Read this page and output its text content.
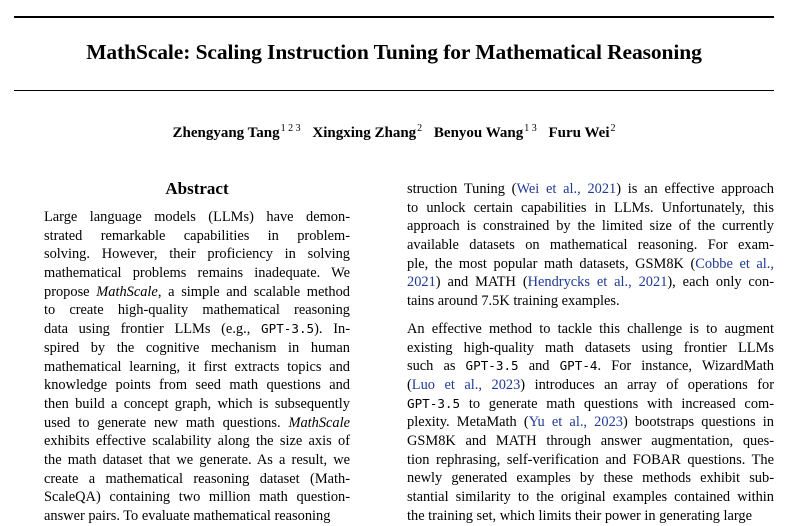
MathScale: Scaling Instruction Tuning for Mathematical Reasoning
Zhengyang Tang$^{1 2 3}$ Xingxing Zhang$^2$ Benyou Wang$^{1 3}$ Furu Wei$^2$
Abstract
Large language models (LLMs) have demon-
strated remarkable capabilities in problem-
solving. However, their proficiency in solving
mathematical problems remains inadequate. We
propose MathScale, a simple and scalable method
to create high-quality mathematical reasoning
data using frontier LLMs (e.g., GPT-3.5). In-
spired by the cognitive mechanism in human
mathematical learning, it first extracts topics and
knowledge points from seed math questions and
then build a concept graph, which is subsequently
used to generate new math questions. MathScale
exhibits effective scalability along the size axis of
the math dataset that we generate. As a result, we
create a mathematical reasoning dataset (Math-
ScaleQA) containing two million math question-
answer pairs. To evaluate mathematical reasoning
struction Tuning (Wei et al., 2021) is an effective approach
to unlock certain capabilities in LLMs. Unfortunately, this
approach is constrained by the limited size of the currently
available datasets on mathematical reasoning. For exam-
ple, the most popular math datasets, GSM8K (Cobbe et al.,
2021) and MATH (Hendrycks et al., 2021), each only con-
tains around 7.5K training examples.
An effective method to tackle this challenge is to augment
existing high-quality math datasets using frontier LLMs
such as GPT-3.5 and GPT-4. For instance, WizardMath
(Luo et al., 2023) introduces an array of operations for
GPT-3.5 to generate math questions with increased com-
plexity. MetaMath (Yu et al., 2023) bootstraps questions in
GSM8K and MATH through answer augmentation, ques-
tion rephrasing, self-verification and FOBAR questions. The
newly generated examples by these methods exhibit sub-
stantial similarity to the original examples contained within
the training set, which limits their power in generating large
